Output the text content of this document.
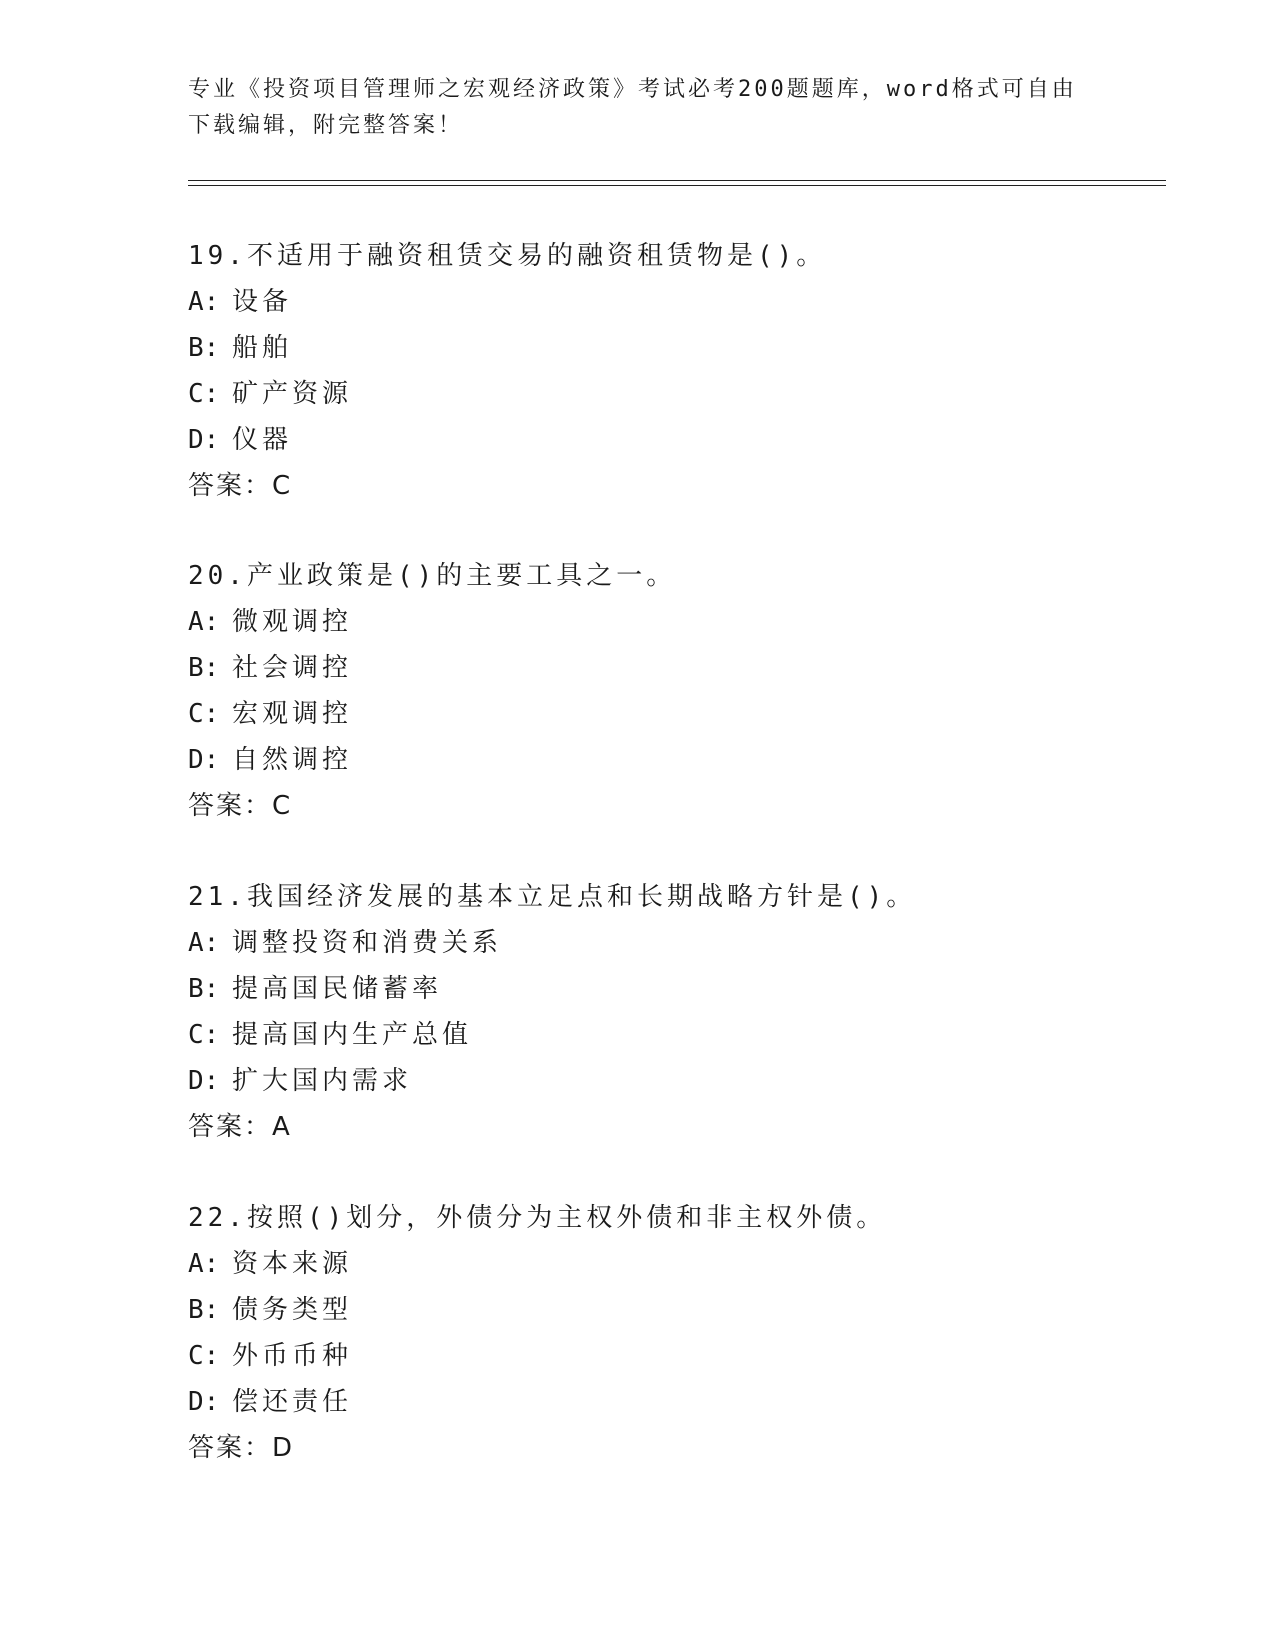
专业《投资项目管理师之宏观经济政策》考试必考200题题库，word格式可自由
下载编辑，附完整答案！
19.不适用于融资租赁交易的融资租赁物是()。
A: 设备
B: 船舶
C: 矿产资源
D: 仪器
答案：C
20.产业政策是()的主要工具之一。
A: 微观调控
B: 社会调控
C: 宏观调控
D: 自然调控
答案：C
21.我国经济发展的基本立足点和长期战略方针是()。
A: 调整投资和消费关系
B: 提高国民储蓄率
C: 提高国内生产总值
D: 扩大国内需求
答案：A
22.按照()划分，外债分为主权外债和非主权外债。
A: 资本来源
B: 债务类型
C: 外币币种
D: 偿还责任
答案：D
